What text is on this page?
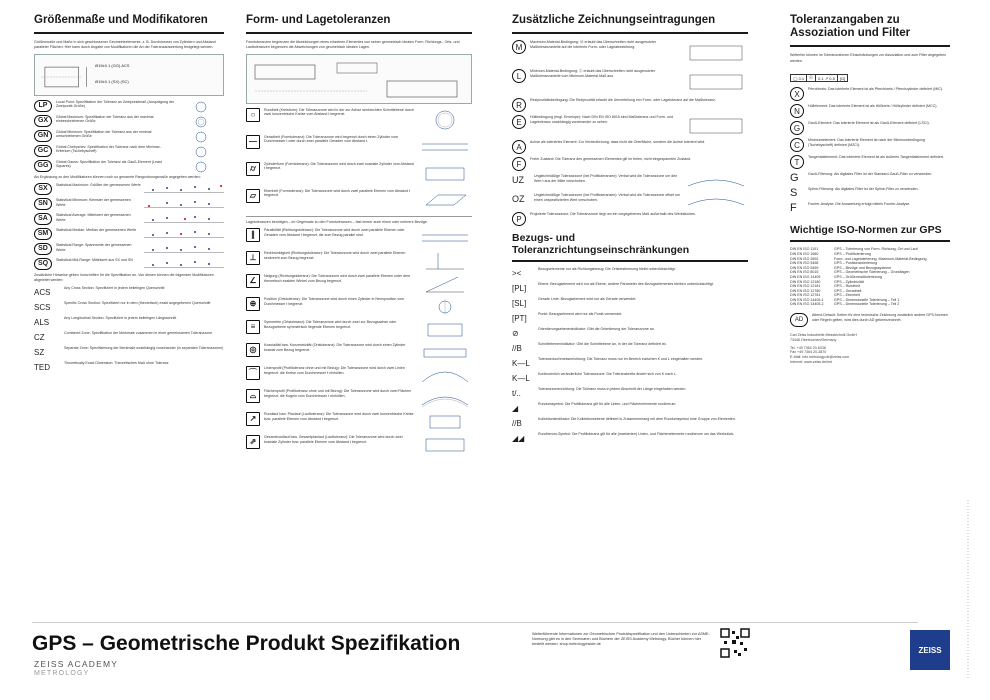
Größenmaße und Modifikatoren
Größenmaße und Maße in sich geschlossener Geometrieelemente, z. B. Durchmesser von Zylindern und Abstand paralleler Flächen. Hier kann durch Angabe von Modifikatoren die Art der Toleranzauswertung festgelegt werden.
Ø15±0.1 (GG) ACS
Ø15±0.1 (SX) (SC)
LP
Local Point: Spezifikation der Toleranz an Zweipunktmaß (Ausprägung der Zweipunkt-Größe)
GX
Global Maximum: Spezifikation der Toleranz aus der maximal einbeschriebenen Größe
GN
Global Minimum: Spezifikation der Toleranz aus der minimal umschriebenen Größe
GC
Global Chebyshev: Spezifikation der Toleranz nach dem Minimax-Kriterium (Tschebyscheff)
GG
Global Gauss: Spezifikation der Toleranz als Gauß-Element (Least Squares)
Als Ergänzung zu den Modifikatoren können noch so genannte Rangordnungsmaße angegeben werden:
SX
Statistical Maximum: Größter der gemessenen Werte
SN
Statistical Minimum: Kleinster der gemessenen Werte
SA
Statistical Average: Mittelwert der gemessenen Werte
SM
Statistical Median: Median der gemessenen Werte
SD
Statistical Range: Spannweite der gemessenen Werte
SQ
Statistical Mid-Range: Mittelwert aus SX und SN
Zusätzliche Hinweise geben Vorschriften für die Spezifikation an. Von diesen können die folgenden Modifikatoren abgeleitet werden:
ACS	Any Cross Section: Spezifiziert in jedem beliebigen Querschnitt
SCS	Specific Cross Section: Spezifiziert nur in dem (theoretisch) exakt angegebenen Querschnitt
ALS	Any Longitudinal Section: Spezifiziert in jedem beliebigen Längsschnitt
CZ	Combined Zone: Spezifikation der Merkmale zusammen in einer gemeinsamen Toleranzzone
SZ	Separate Zone: Spezifizierung der Merkmale unabhängig voneinander (in separaten Toleranzzonen)
TED	Theoretically Exact Dimension: Theoretisches Maß ohne Toleranz
Form- und Lagetoleranzen
Formtoleranzen begrenzen die Abweichungen eines einzelnen Elementes von seiner geometrisch idealen Form. Richtungs-, Orts- und Lauftoleranzen begrenzen die Abweichungen von geometrisch idealen Lagen.
○
Rundheit (Kreisform): Die Toleranzzone wird in der zur Achse senkrechten Schnittebene durch zwei konzentrische Kreise vom Abstand t begrenzt.
—
Geradheit (Formtoleranz): Die Toleranzzone wird begrenzt durch einen Zylinder vom Durchmesser t oder durch zwei parallele Geraden vom Abstand t.
⌭	Zylinderform (Formtoleranz): Die Toleranzzone wird durch zwei koaxiale Zylinder vom Abstand t begrenzt.
▱
Ebenheit (Formtoleranz): Die Toleranzzone wird durch zwei parallele Ebenen vom Abstand t begrenzt.
Lagetoleranzen benötigen – im Gegensatz zu den Formtoleranzen – fast immer auch einen oder mehrere Bezüge.
∥
Parallelität (Richtungstoleranz): Die Toleranzzone wird durch zwei parallele Ebenen oder Geraden vom Abstand t begrenzt, die zum Bezug parallel sind.
⊥
Rechtwinkligkeit (Richtungstoleranz): Die Toleranzzone wird durch zwei parallele Ebenen senkrecht zum Bezug begrenzt.
∠
Neigung (Richtungstoleranz): Die Toleranzzone wird durch zwei parallele Ebenen unter dem theoretisch exakten Winkel zum Bezug begrenzt.
⊕
Position (Ortstoleranz): Die Toleranzzone wird durch einen Zylinder in Nennposition vom Durchmesser t begrenzt.
≡
Symmetrie (Ortstoleranz): Die Toleranzzone wird durch zwei zur Bezugsachse oder Bezugsebene symmetrisch liegende Ebenen begrenzt.
◎
Koaxialität bzw. Konzentrizität (Ortstoleranz): Die Toleranzzone wird durch einen Zylinder koaxial zum Bezug begrenzt.
⌒
Linienprofil (Profiltoleranz ohne und mit Bezug): Die Toleranzzone wird durch zwei Linien begrenzt, die Kreise vom Durchmesser t einhüllen.
⌓	Flächenprofil (Profiltoleranz ohne und mit Bezug): Die Toleranzzone wird durch zwei Flächen begrenzt, die Kugeln vom Durchmesser t einhüllen.
↗
Rundlauf bzw. Planlauf (Lauftoleranz): Die Toleranzzone wird durch zwei konzentrische Kreise bzw. parallele Ebenen vom Abstand t begrenzt.
⇗
Gesamtrundlauf bzw. Gesamtplanlauf (Lauftoleranz): Die Toleranzzone wird durch zwei koaxiale Zylinder bzw. parallele Ebenen vom Abstand t begrenzt.
Zusätzliche Zeichnungseintragungen
M
Maximum-Material-Bedingung: Ⓜ erlaubt das Überschreiten nicht ausgenutzter Maßtoleranzanteile auf die tolerierte Form- oder Lageabweichung.
L
Minimum-Material-Bedingung: Ⓛ erlaubt das Überschreiten nicht ausgenutzter Maßtoleranzanteile vom Minimum-Material-Maß aus.
R
Reziprozitätsbedingung: Die Reziprozität erlaubt die Umverteilung von Form- oder Lagetoleranz auf die Maßtoleranz.
E
Hüllbedingung (engl. Envelope): Nach DIN EN ISO 8015 sind Maßtoleranz und Form- und Lagetoleranz unabhängig voneinander zu sehen.
A
Achse als toleriertes Element: Zur Verdeutlichung, dass nicht die Oberfläche, sondern die Achse tolerient wird.
F
Freier Zustand: Die Toleranz des gemessenen Elementes gilt im freien, nicht eingespannten Zustand.
UZ	Ungleichmäßige Toleranzzone (bei Profiltoleranzen): Verbal wird die Toleranzzone um den Wert t aus der Mitte verschoben.
OZ	Ungleichmäßige Toleranzzone (bei Profiltoleranzen): Verbal wird die Toleranzzone offset um einen unspezifizierten Wert verschoben.
P
Projizierte Toleranzzone: Die Toleranzzone liegt um ein vorgegebenes Maß außerhalb des Werkstückes.
Bezugs- und Toleranzrichtungseinschränkungen
><	Bezugselemente nur als Richtungsbezug: Die Ortsbestimmung bleibt unberücksichtigt.
[PL]	Ebene: Bezugselement wird nur als Ebene, andere Parameter des Bezugselementes bleiben unberücksichtigt.
[SL]	Gerade Linie: Bezugselement wird nur als Gerade verwendet.
[PT]	Punkt: Bezugselement wird nur als Punkt verwendet.
⊘	Orientierungsebenenindikator: Gibt die Orientierung der Toleranzzone an.
//B	Schnittebenenindikator: Gibt die Schnittebene an, in der die Toleranz definiert ist.
K—L	Toleranzdurchmesserrichtung: Die Toleranz muss nur im Bereich zwischen K und L eingehalten werden.
K—L	Kontinuierlich veränderliche Toleranzzone: Die Toleranzbreite ändert sich von K nach L.
t/..	Toleranzzonenrichtung: Die Toleranz muss in jedem Abschnitt der Länge eingehalten werden.
◢	Rundumsymbol: Die Profiltoleranz gilt für alle Linien- und Flächenelemente rundherum.
//B	Kollektionsindikator: Die Kollektionsebene definiert in Zusammenhang mit dem Rundumsymbol eine Gruppe von Elementen.
◢◢	Rundherum-Symbol: Die Profiltoleranz gilt für alle (markierten) Linien- und Flächenelemente rundherum um das Werkstück.
Toleranzangaben zu Assoziation und Filter
Weiterhin können im Toleranzrahmen Einschränkungen zur Assoziation und zum Filter angegeben werden.
◯ 0.1	Ⓖ	0.1 ↗ 0.5	[G]
X
Pferchkreis: Das tolerierte Element ist als Pferchkreis / Pferchzylinder definiert (MIC).
N
Hüllelement: Das tolerierte Element ist als Hüllkreis / Hüllzylinder definiert (MCC).
G
Gauß-Element: Das tolerierte Element ist als Gauß-Element definiert (LSCI).
C
Minimumelement: Das tolerierte Element ist nach der Minimumbedingung (Tschebyscheff) definiert (MZCI).
T
Tangentialelement: Das tolerierte Element ist als äußeres Tangentialelement definiert.
G	Gauß-Filterung: Als digitales Filter ist der Standard-Gauß-Filter zu verwenden.
S	Spline-Filterung: Als digitales Filter ist der Spline-Filter zu verwenden.
F	Fourier-Analyse: Die Auswertung erfolgt mittels Fourier-Analyse.
Wichtige ISO-Normen zur GPS
DIN EN ISO 1101	GPS – Tolerierung von Form, Richtung, Ort und Lauf
DIN EN ISO 1660	GPS – Profiltolerierung
DIN EN ISO 2692	Form- und Lagetolerierung, Maximum-Material-Bedingung
DIN EN ISO 5458	GPS – Positionstolerierung
DIN EN ISO 5459	GPS – Bezüge und Bezugssysteme
DIN EN ISO 8015	GPS – Geometrische Tolerierung – Grundlagen
DIN EN ISO 14405	GPS – Größenmaßtolerierung
DIN EN ISO 12180	GPS – Zylindrizität
DIN EN ISO 12181	GPS – Rundheit
DIN EN ISO 12780	GPS – Geradheit
DIN EN ISO 12781	GPS – Ebenheit
DIN EN ISO 14405-1	GPS – Dimensionelle Tolerierung – Teil 1
DIN EN ISO 14405-2	GPS – Dimensionelle Tolerierung – Teil 2
AD
Attend Default: Sofern für eine technische Zeichnung zusätzlich andere GPS-Normen oder Regeln gelten, wird dies durch AD gekennzeichnet.
Carl Zeiss Industrielle Messtechnik GmbH
73446 Oberkochen/Germany
Tel. +49 7364 20-6336
Fax +49 7364 20-3870
E-Mail: info.metrology.de@zeiss.com
Internet: www.zeiss.de/imt
GPS – Geometrische Produkt Spezifikation
ZEISS ACADEMY
METROLOGY
Weiterführende Informationen zur Geometrischen Produktspezifikation und den Unterschieden zur ASME-Normung gibt es in den Seminaren und Büchern der ZEISS Academy Metrology. Bücher können hier bestellt werden: shop.metrologyinside.de
ZEISS
